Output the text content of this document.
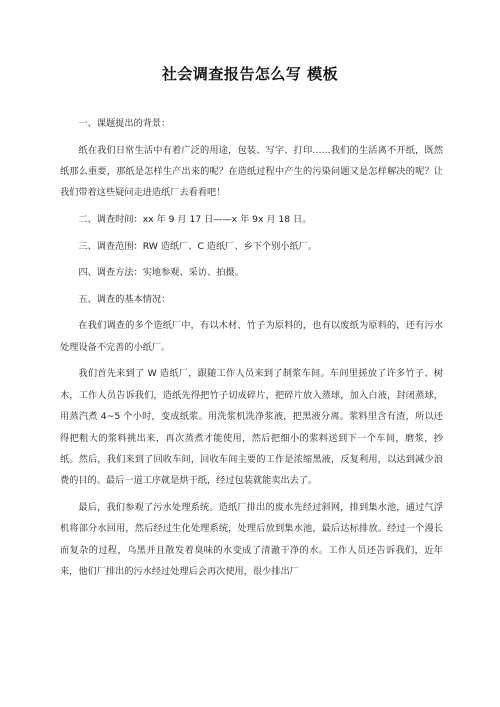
社会调查报告怎么写 模板

一、课题提出的背景：

纸在我们日常生活中有着广泛的用途，包装、写字、打印……我们的生活离不开纸，既然纸那么重要，那纸是怎样生产出来的呢？在造纸过程中产生的污染问题又是怎样解决的呢？让我们带着这些疑问走进造纸厂去看看吧！

二、调查时间：xx 年 9 月 17 日——x 年 9x 月 18 日。

三、调查范围：RW 造纸厂、C 造纸厂、乡下个别小纸厂。

四、调查方法：实地参观、采访、拍摄。

五、调查的基本情况：

在我们调查的多个造纸厂中，有以木材、竹子为原料的，也有以废纸为原料的，还有污水处理设备不完善的小纸厂。

我们首先来到了 W 造纸厂，跟随工作人员来到了制浆车间。车间里搓放了许多竹子、树木，工作人员告诉我们，造纸先得把竹子切成碎片，把碎片放入蒸球，加入白液，封闭蒸球，用蒸汽煮 4~5 个小时，变成纸浆。用洗浆机洗净浆液，把黑液分离。浆料里含有渣，所以还得把粗大的浆料挑出来，再次蒸煮才能使用，然后把细小的浆料送到下一个车间，磨浆，抄纸。然后，我们来到了回收车间，回收车间主要的工作是浓缩黑液，反复利用，以达到减少浪费的目的。最后一道工序就是烘干纸，经过包装就能卖出去了。

最后，我们参观了污水处理系统。造纸厂排出的废水先经过斜网，排到集水池，通过气浮机将部分水回用，然后经过生化处理系统，处理后放到集水池，最后达标排放。经过一个漫长而复杂的过程，乌黑并且散发着臭味的水变成了清澈干净的水。工作人员还告诉我们，近年来，他们厂排出的污水经过处理后会再次使用，很少排出厂
